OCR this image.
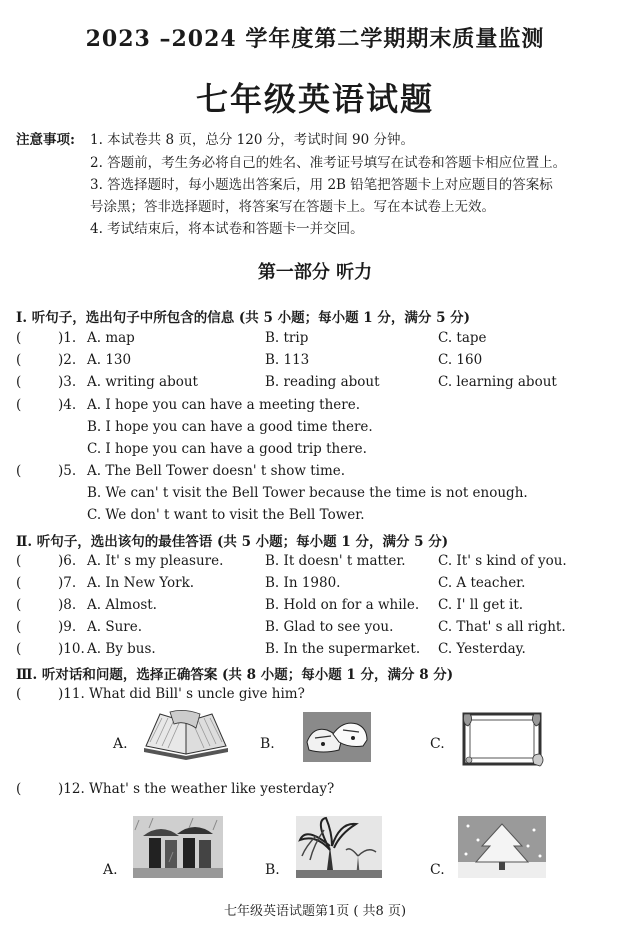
2023 –2024 学年度第二学期期末质量监测
七年级英语试题
注意事项: 1. 本试卷共 8 页，总分 120 分，考试时间 90 分钟。
2. 答题前，考生务必将自己的姓名、准考证号填写在试卷和答题卡相应位置上。
3. 答选择题时，每小题选出答案后，用 2B 铅笔把答题卡上对应题目的答案标
号涂黑；答非选择题时，将答案写在答题卡上。写在本试卷上无效。
4. 考试结束后，将本试卷和答题卡一并交回。
第一部分 听力
Ⅰ. 听句子，选出句子中所包含的信息 (共 5 小题；每小题 1 分，满分 5 分)
(	)1. A. map	B. trip	C. tape
(	)2. A. 130	B. 113	C. 160
(	)3. A. writing about	B. reading about	C. learning about
(	)4. A. I hope you can have a meeting there.
B. I hope you can have a good time there.
C. I hope you can have a good trip there.
(	)5. A. The Bell Tower doesn' t show time.
B. We can' t visit the Bell Tower because the time is not enough.
C. We don' t want to visit the Bell Tower.
Ⅱ. 听句子，选出该句的最佳答语 (共 5 小题；每小题 1 分，满分 5 分)
(	)6. A. It' s my pleasure.	B. It doesn' t matter. C. It' s kind of you.
(	)7. A. In New York.	B. In 1980.	C. A teacher.
(	)8. A. Almost.	B. Hold on for a while. C. I' ll get it.
(	)9. A. Sure.	B. Glad to see you.	C. That' s all right.
(	)10. A. By bus.	B. In the supermarket. C. Yesterday.
Ⅲ. 听对话和问题，选择正确答案 (共 8 小题；每小题 1 分，满分 8 分)
(	)11. What did Bill' s uncle give him?
A.	B.	C.
(	)12. What' s the weather like yesterday?
A.	B.	C.
七年级英语试题第1页 ( 共8 页)
